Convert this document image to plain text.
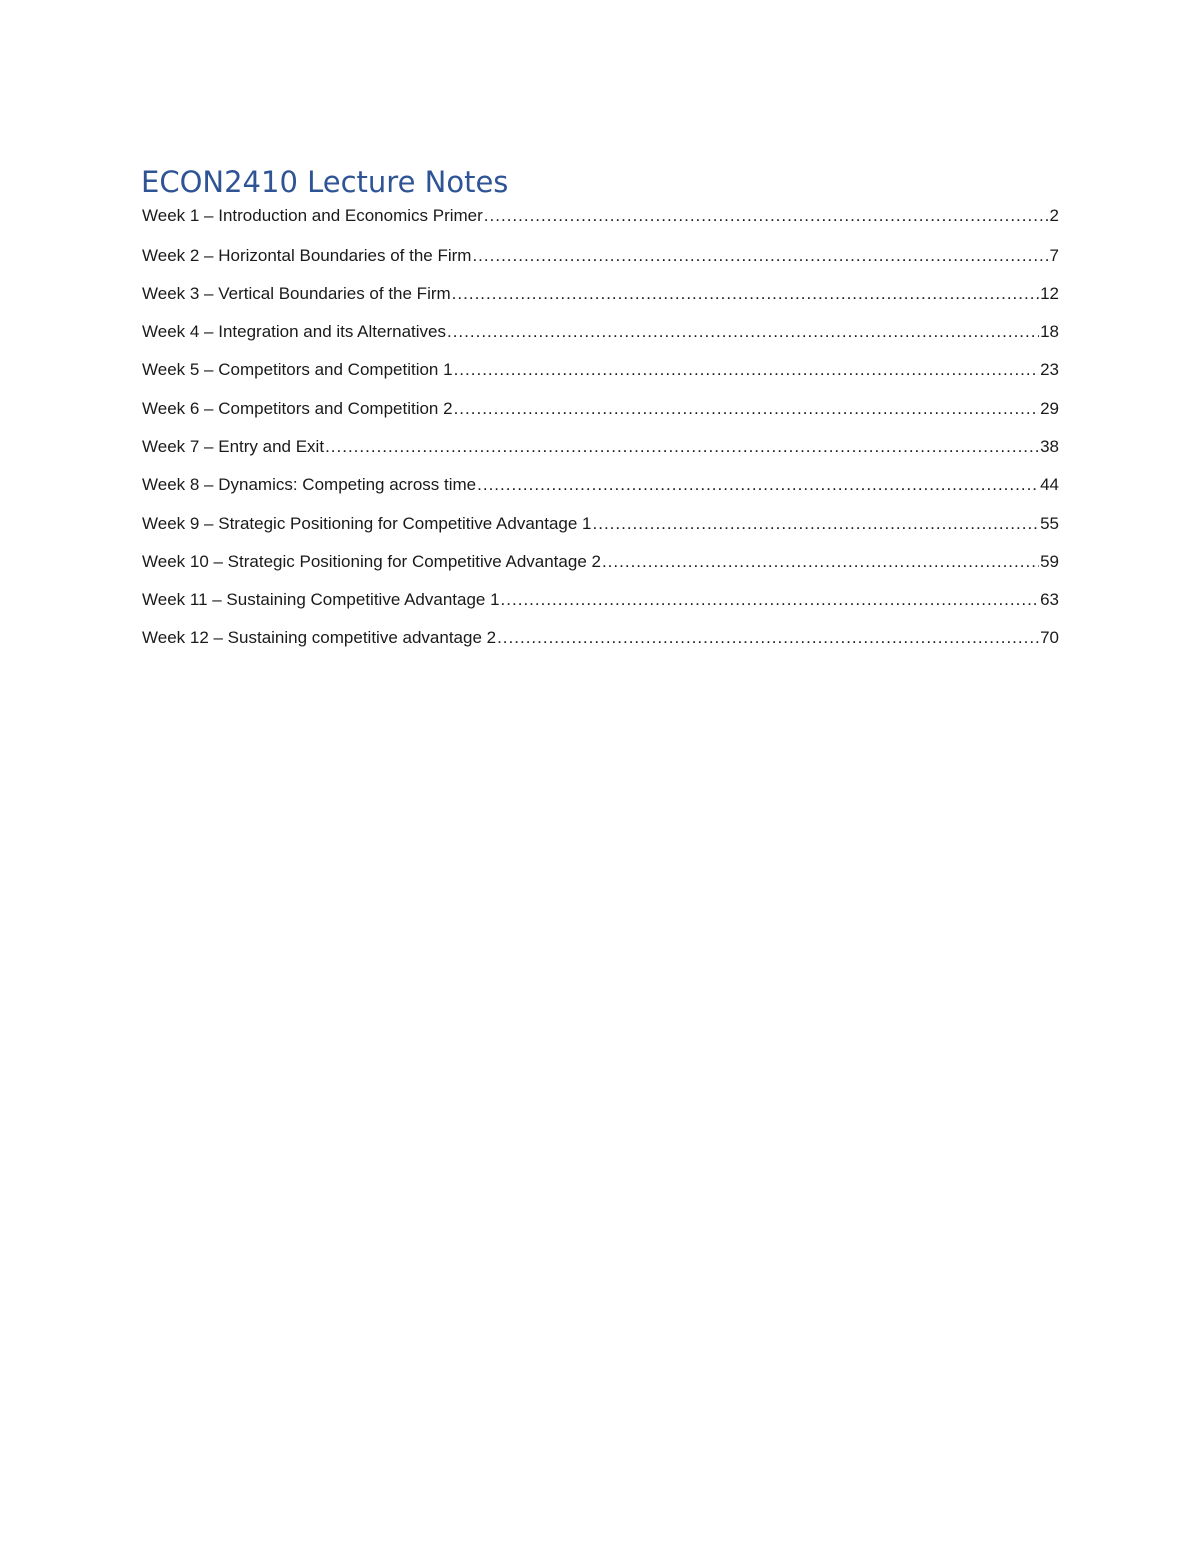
ECON2410 Lecture Notes
Week 1 – Introduction and Economics Primer .....	2
Week 2 – Horizontal Boundaries of the Firm .....	7
Week 3 – Vertical Boundaries of the Firm .....	12
Week 4 – Integration and its Alternatives .....	18
Week 5 – Competitors and Competition 1 .....	23
Week 6 – Competitors and Competition 2 .....	29
Week 7 – Entry and Exit .....	38
Week 8 – Dynamics: Competing across time .....	44
Week 9 – Strategic Positioning for Competitive Advantage 1 .....	55
Week 10 – Strategic Positioning for Competitive Advantage 2 .....	59
Week 11 – Sustaining Competitive Advantage 1 .....	63
Week 12 – Sustaining competitive advantage 2 .....	70
